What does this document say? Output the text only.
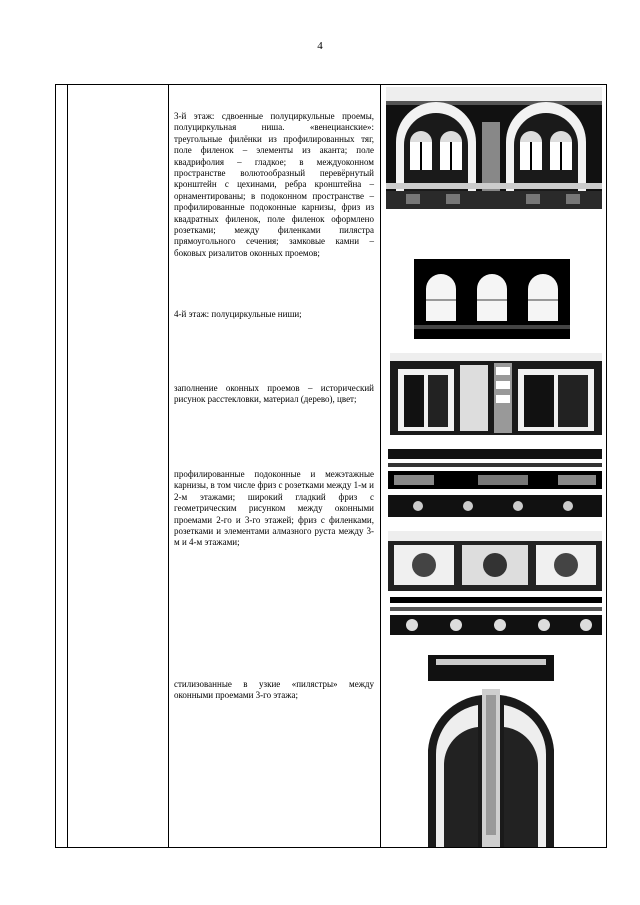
4
3-й этаж: сдвоенные полуциркульные проемы, полуциркульная ниша. «венецианские»: треугольные филёнки из профилированных тяг, поле филенок – элементы из аканта; поле квадрифолия – гладкое; в междуоконном пространстве волютообразный перевёрнутый кронштейн с цехинами, ребра кронштейна – орнаментированы; в подоконном пространстве – профилированные подоконные карнизы, фриз из квадратных филенок, поле филенок оформлено розетками; между филенками пилястра прямоугольного сечения; замковые камни – боковых ризалитов оконных проемов;
4-й этаж: полуциркульные ниши;
заполнение оконных проемов – исторический рисунок расстекловки, материал (дерево), цвет;
профилированные подоконные и межэтажные карнизы, в том числе фриз с розетками между 1-м и 2-м этажами; широкий гладкий фриз с геометрическим рисунком между оконными проемами 2-го и 3-го этажей; фриз с филенками, розетками и элементами алмазного руста между 3-м и 4-м этажами;
стилизованные в узкие «пилястры» между оконными проемами 3-го этажа;
